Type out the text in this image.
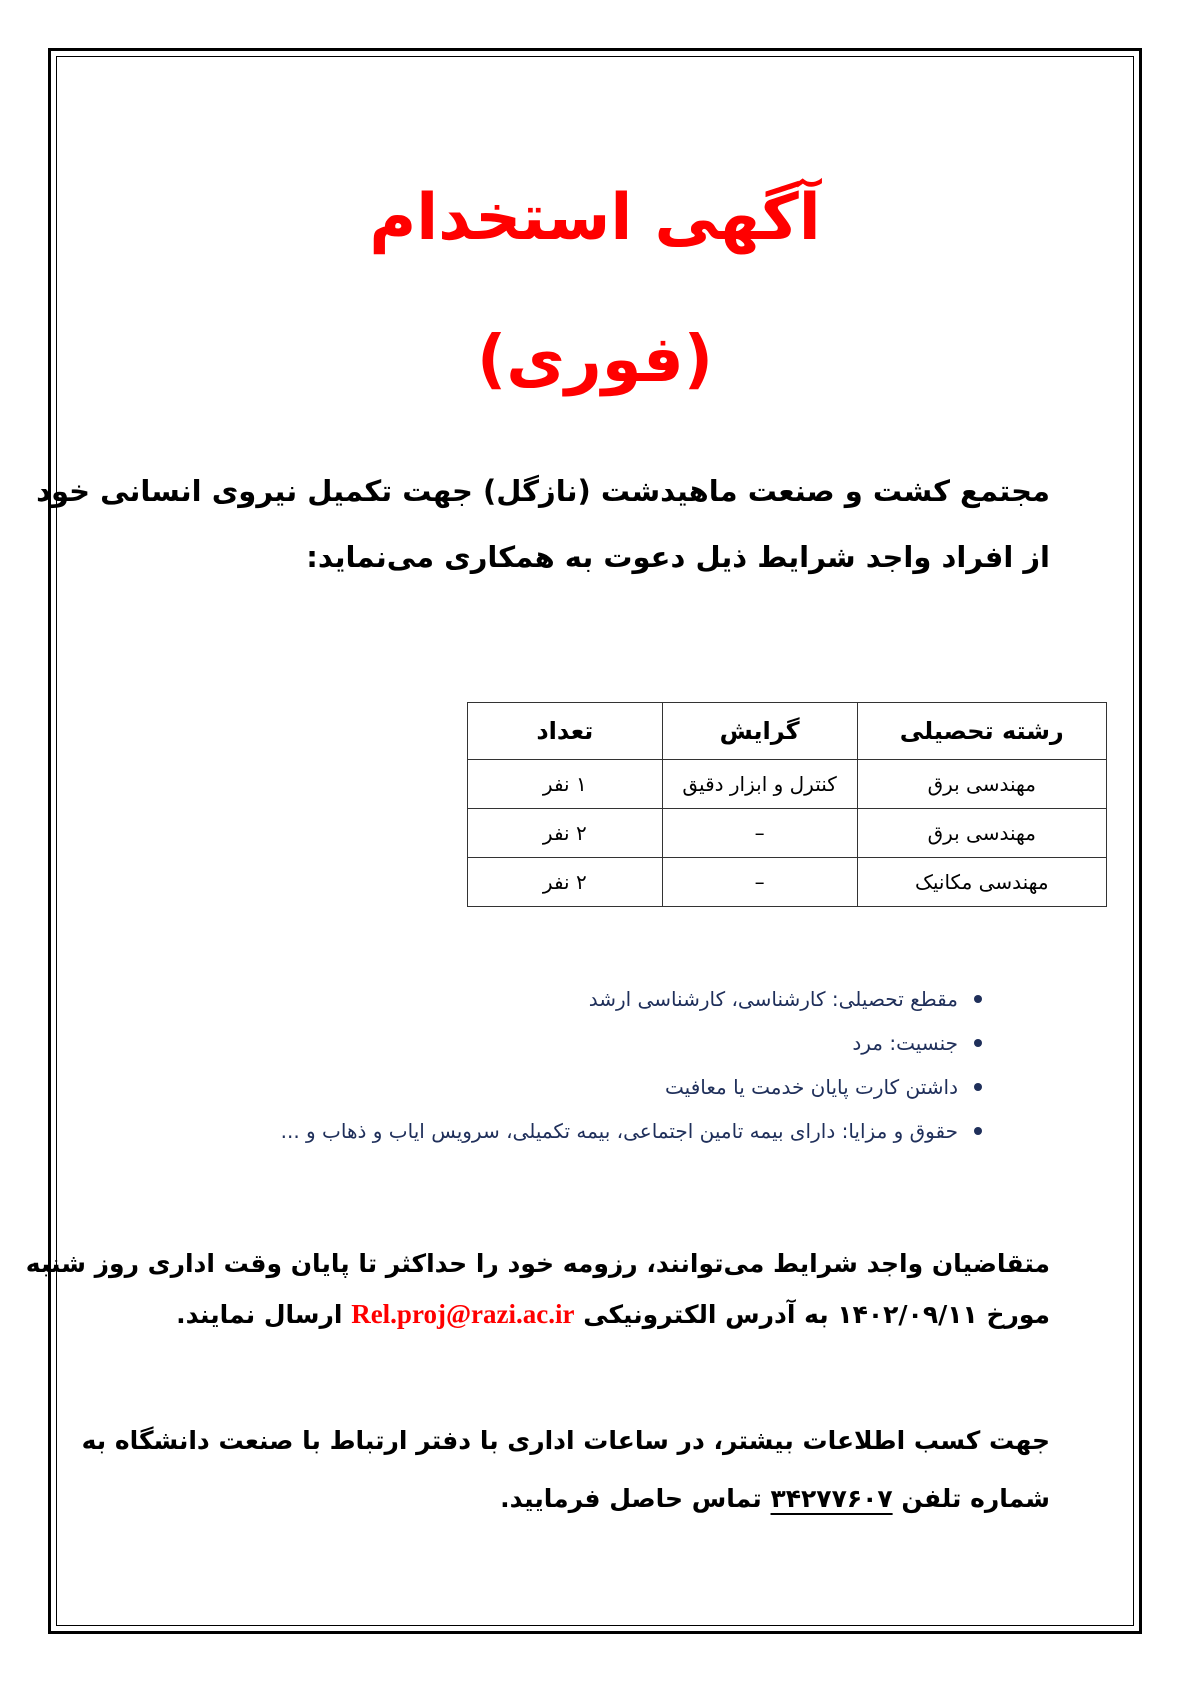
آگهی استخدام
(فوری)
مجتمع کشت و صنعت ماهیدشت (نازگل) جهت تکمیل نیروی انسانی خود
از افراد واجد شرایط ذیل دعوت به همکاری می‌نماید:
رشته تحصیلی	گرایش	تعداد
مهندسی برق	کنترل و ابزار دقیق	۱ نفر
مهندسی برق	–	۲ نفر
مهندسی مکانیک	–	۲ نفر
مقطع تحصیلی: کارشناسی، کارشناسی ارشد
جنسیت: مرد
داشتن کارت پایان خدمت یا معافیت
حقوق و مزایا: دارای بیمه تامین اجتماعی، بیمه تکمیلی، سرویس ایاب و ذهاب و ...
متقاضیان واجد شرایط می‌توانند، رزومه خود را حداکثر تا پایان وقت اداری روز شنبه
مورخ ۱۴۰۲/۰۹/۱۱ به آدرس الکترونیکی Rel.proj@razi.ac.ir ارسال نمایند.
جهت کسب اطلاعات بیشتر، در ساعات اداری با دفتر ارتباط با صنعت دانشگاه به
شماره تلفن ۳۴۲۷۷۶۰۷ تماس حاصل فرمایید.
